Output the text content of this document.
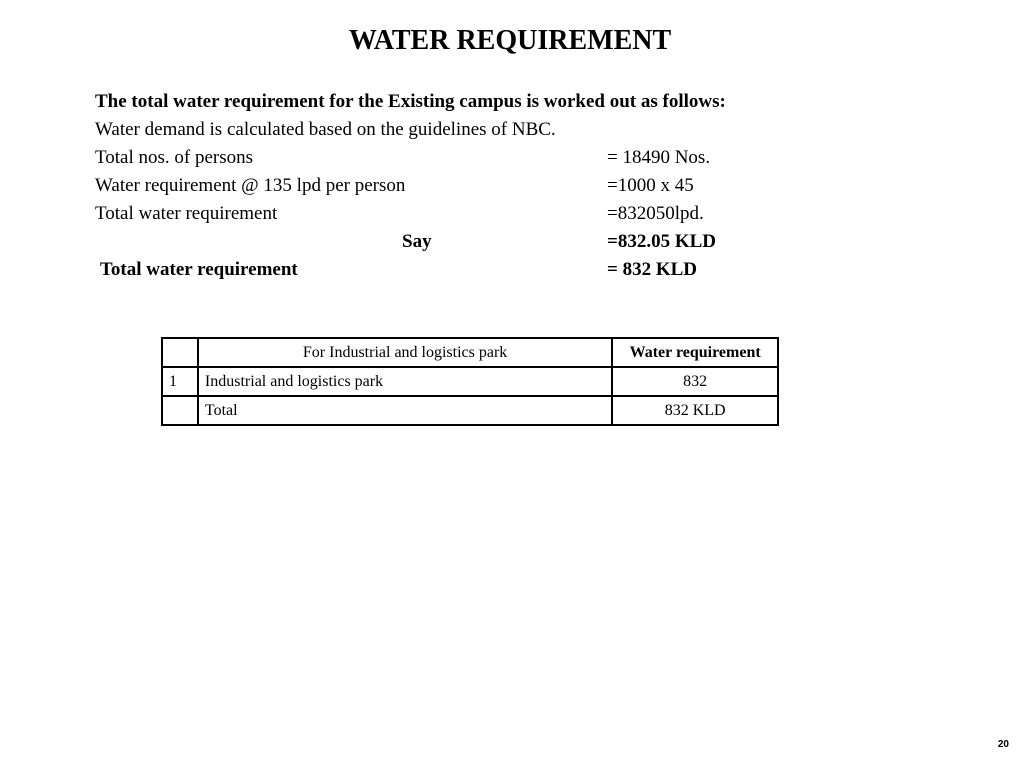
WATER REQUIREMENT
The total water requirement for the Existing campus is worked out as follows:
Water demand is calculated based on the guidelines of NBC.
Total nos. of persons	= 18490 Nos.
Water requirement @ 135 lpd per person	=1000 x 45
Total water requirement	=832050lpd.
Say	=832.05 KLD
Total water requirement	= 832 KLD
	For Industrial and logistics park	Water requirement
1	Industrial and logistics park	832
	Total	832 KLD
20
